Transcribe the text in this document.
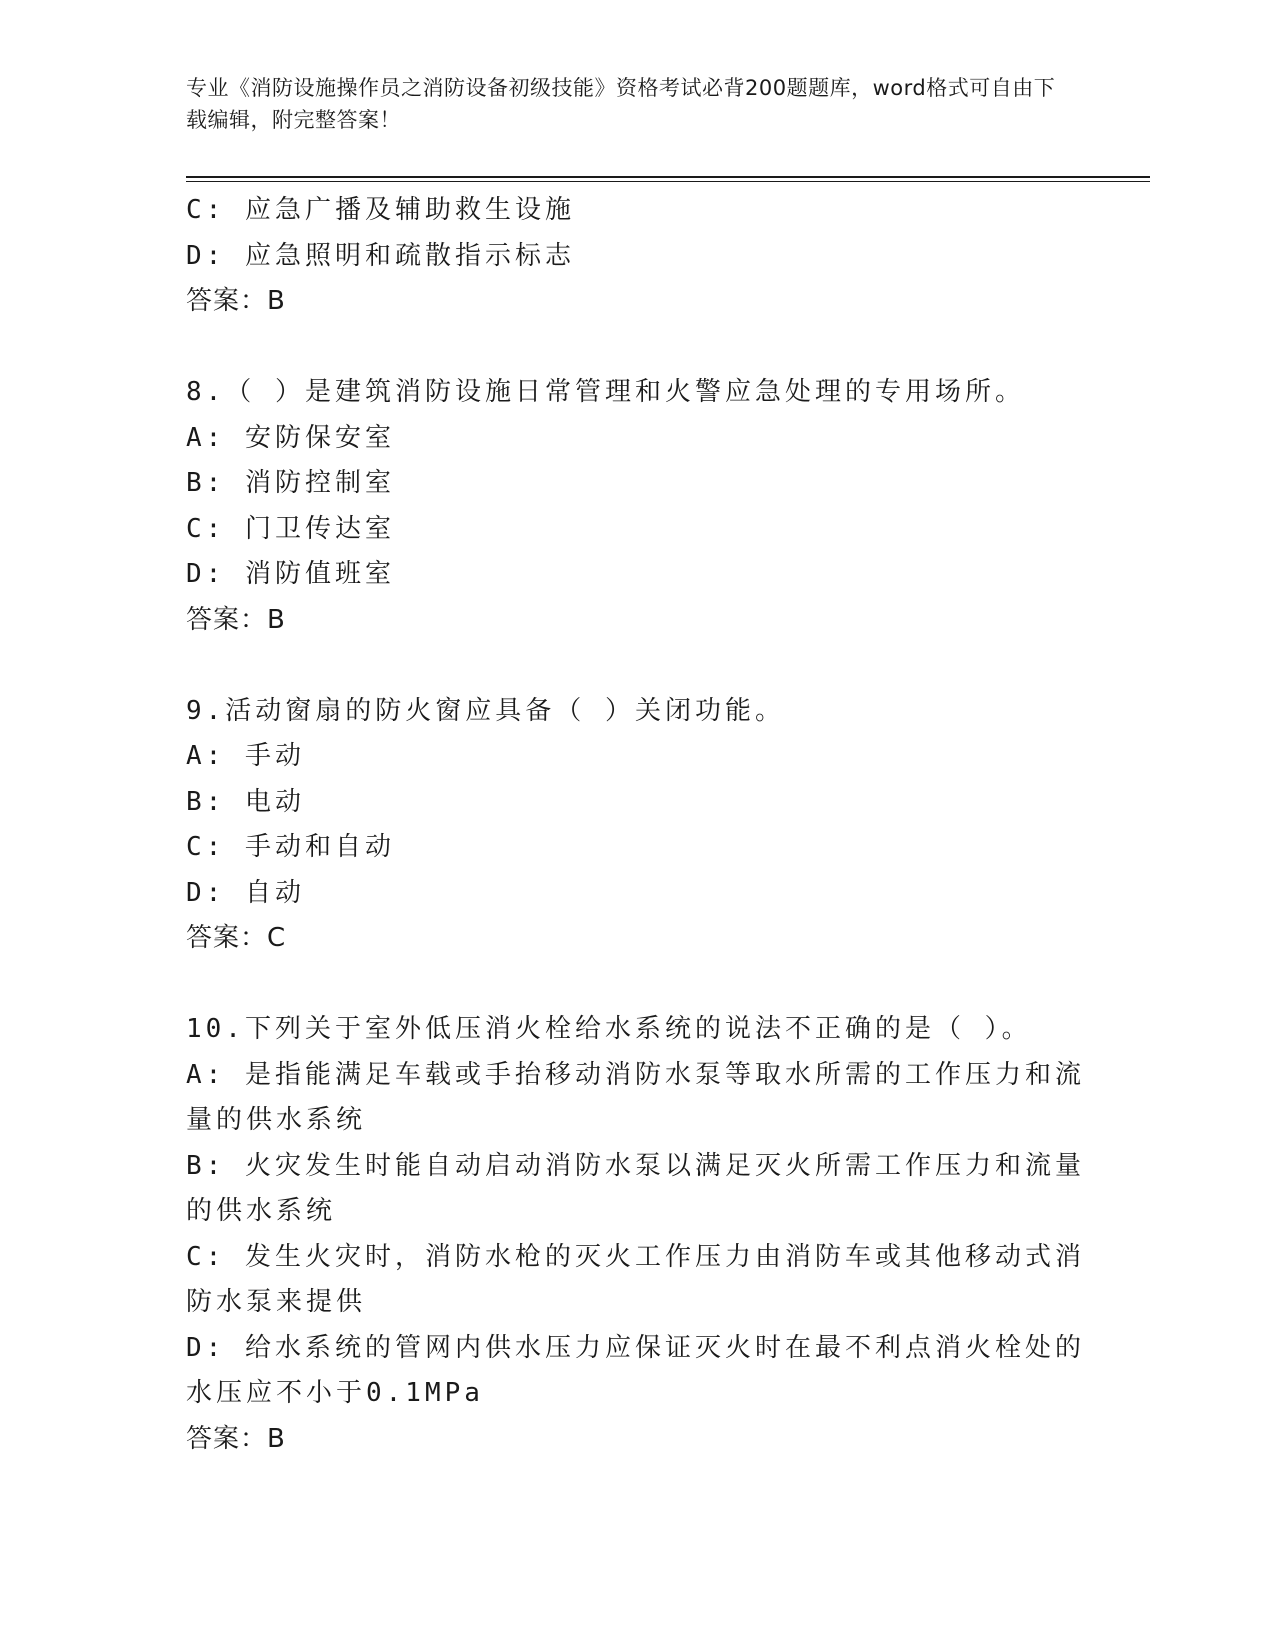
专业《消防设施操作员之消防设备初级技能》资格考试必背200题题库，word格式可自由下载编辑，附完整答案！
C: 应急广播及辅助救生设施
D: 应急照明和疏散指示标志
答案：B
8.（ ）是建筑消防设施日常管理和火警应急处理的专用场所。
A: 安防保安室
B: 消防控制室
C: 门卫传达室
D: 消防值班室
答案：B
9.活动窗扇的防火窗应具备（ ）关闭功能。
A: 手动
B: 电动
C: 手动和自动
D: 自动
答案：C
10.下列关于室外低压消火栓给水系统的说法不正确的是（ ）。
A: 是指能满足车载或手抬移动消防水泵等取水所需的工作压力和流量的供水系统
B: 火灾发生时能自动启动消防水泵以满足灭火所需工作压力和流量的供水系统
C: 发生火灾时，消防水枪的灭火工作压力由消防车或其他移动式消防水泵来提供
D: 给水系统的管网内供水压力应保证灭火时在最不利点消火栓处的水压应不小于0.1MPa
答案：B
